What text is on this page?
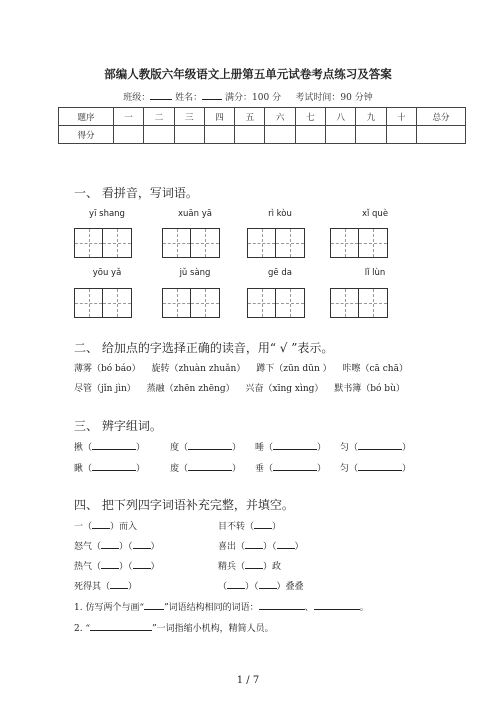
部编人教版六年级语文上册第五单元试卷考点练习及答案
班级：	姓名：	满分：100 分 考试时间：90 分钟
题序	一	二	三	四	五	六	七	八	九	十	总分
得分											
一、 看拼音，写词语。
yī shang	xuān yā	rì kòu	xǐ què
yōu yǎ	jǔ sàng	gē da	lǐ lùn
二、 给加点的字选择正确的读音，用“ √ ”表示。
薄雾（bó báo） 旋转（zhuàn zhuǎn） 蹲下（zūn dūn ） 咔嚓（cā chā）
尽管（jǐn jìn） 蒸融（zhēn zhēng） 兴奋（xīng xìng） 默书簿（bó bù）
三、 辨字组词。
揪（	）	度（	） 唾（	） 匀（	）
瞅（	）	废（	） 垂（	） 匀（	）
四、 把下列四字词语补充完整，并填空。
一（ ）而入	目不转（ ）
怒气（ ）（ ）	喜出（ ）（ ）
热气（ ）（ ）	精兵（ ）政
死得其（ ）	（ ）（ ）叠叠
1. 仿写两个与画“ ”词语结构相同的词语：	、	。
2. “	”一词指缩小机构，精简人员。
1 / 7
